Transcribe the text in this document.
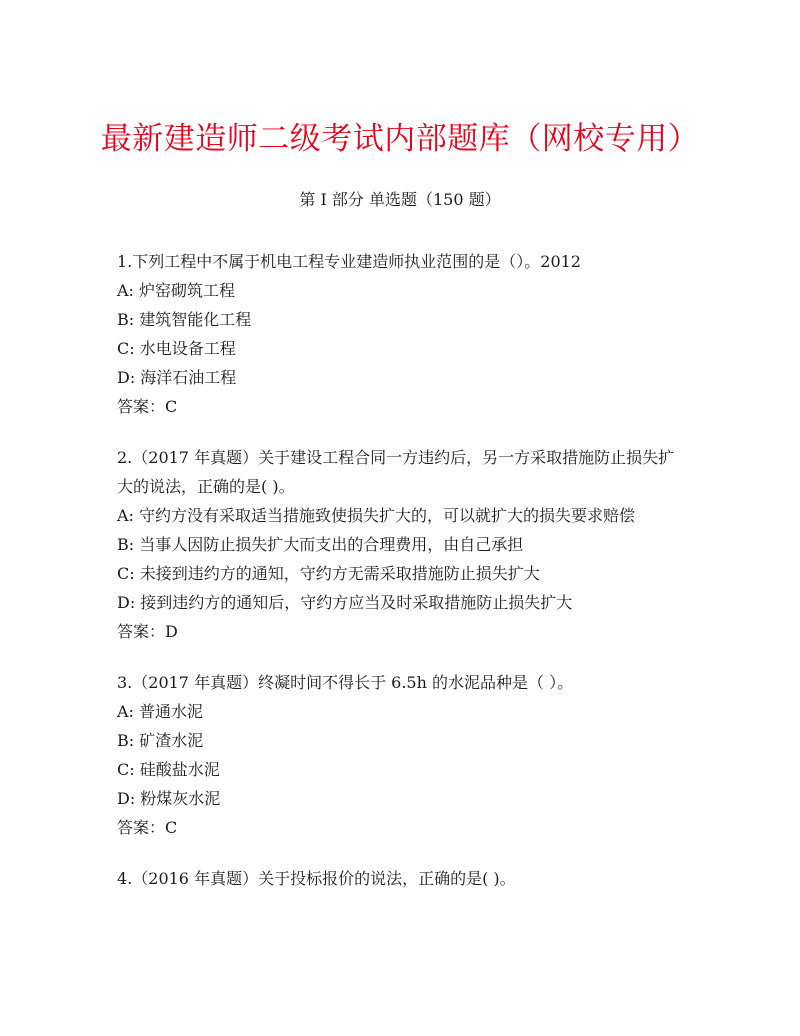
最新建造师二级考试内部题库（网校专用）
第 I 部分 单选题（150 题）
1.下列工程中不属于机电工程专业建造师执业范围的是（）。2012
A: 炉窑砌筑工程
B: 建筑智能化工程
C: 水电设备工程
D: 海洋石油工程
答案：C
2.（2017 年真题）关于建设工程合同一方违约后，另一方采取措施防止损失扩大的说法，正确的是( )。
A: 守约方没有采取适当措施致使损失扩大的，可以就扩大的损失要求赔偿
B: 当事人因防止损失扩大而支出的合理费用，由自己承担
C: 未接到违约方的通知，守约方无需采取措施防止损失扩大
D: 接到违约方的通知后，守约方应当及时采取措施防止损失扩大
答案：D
3.（2017 年真题）终凝时间不得长于 6.5h 的水泥品种是（ ）。
A: 普通水泥
B: 矿渣水泥
C: 硅酸盐水泥
D: 粉煤灰水泥
答案：C
4.（2016 年真题）关于投标报价的说法，正确的是( )。
